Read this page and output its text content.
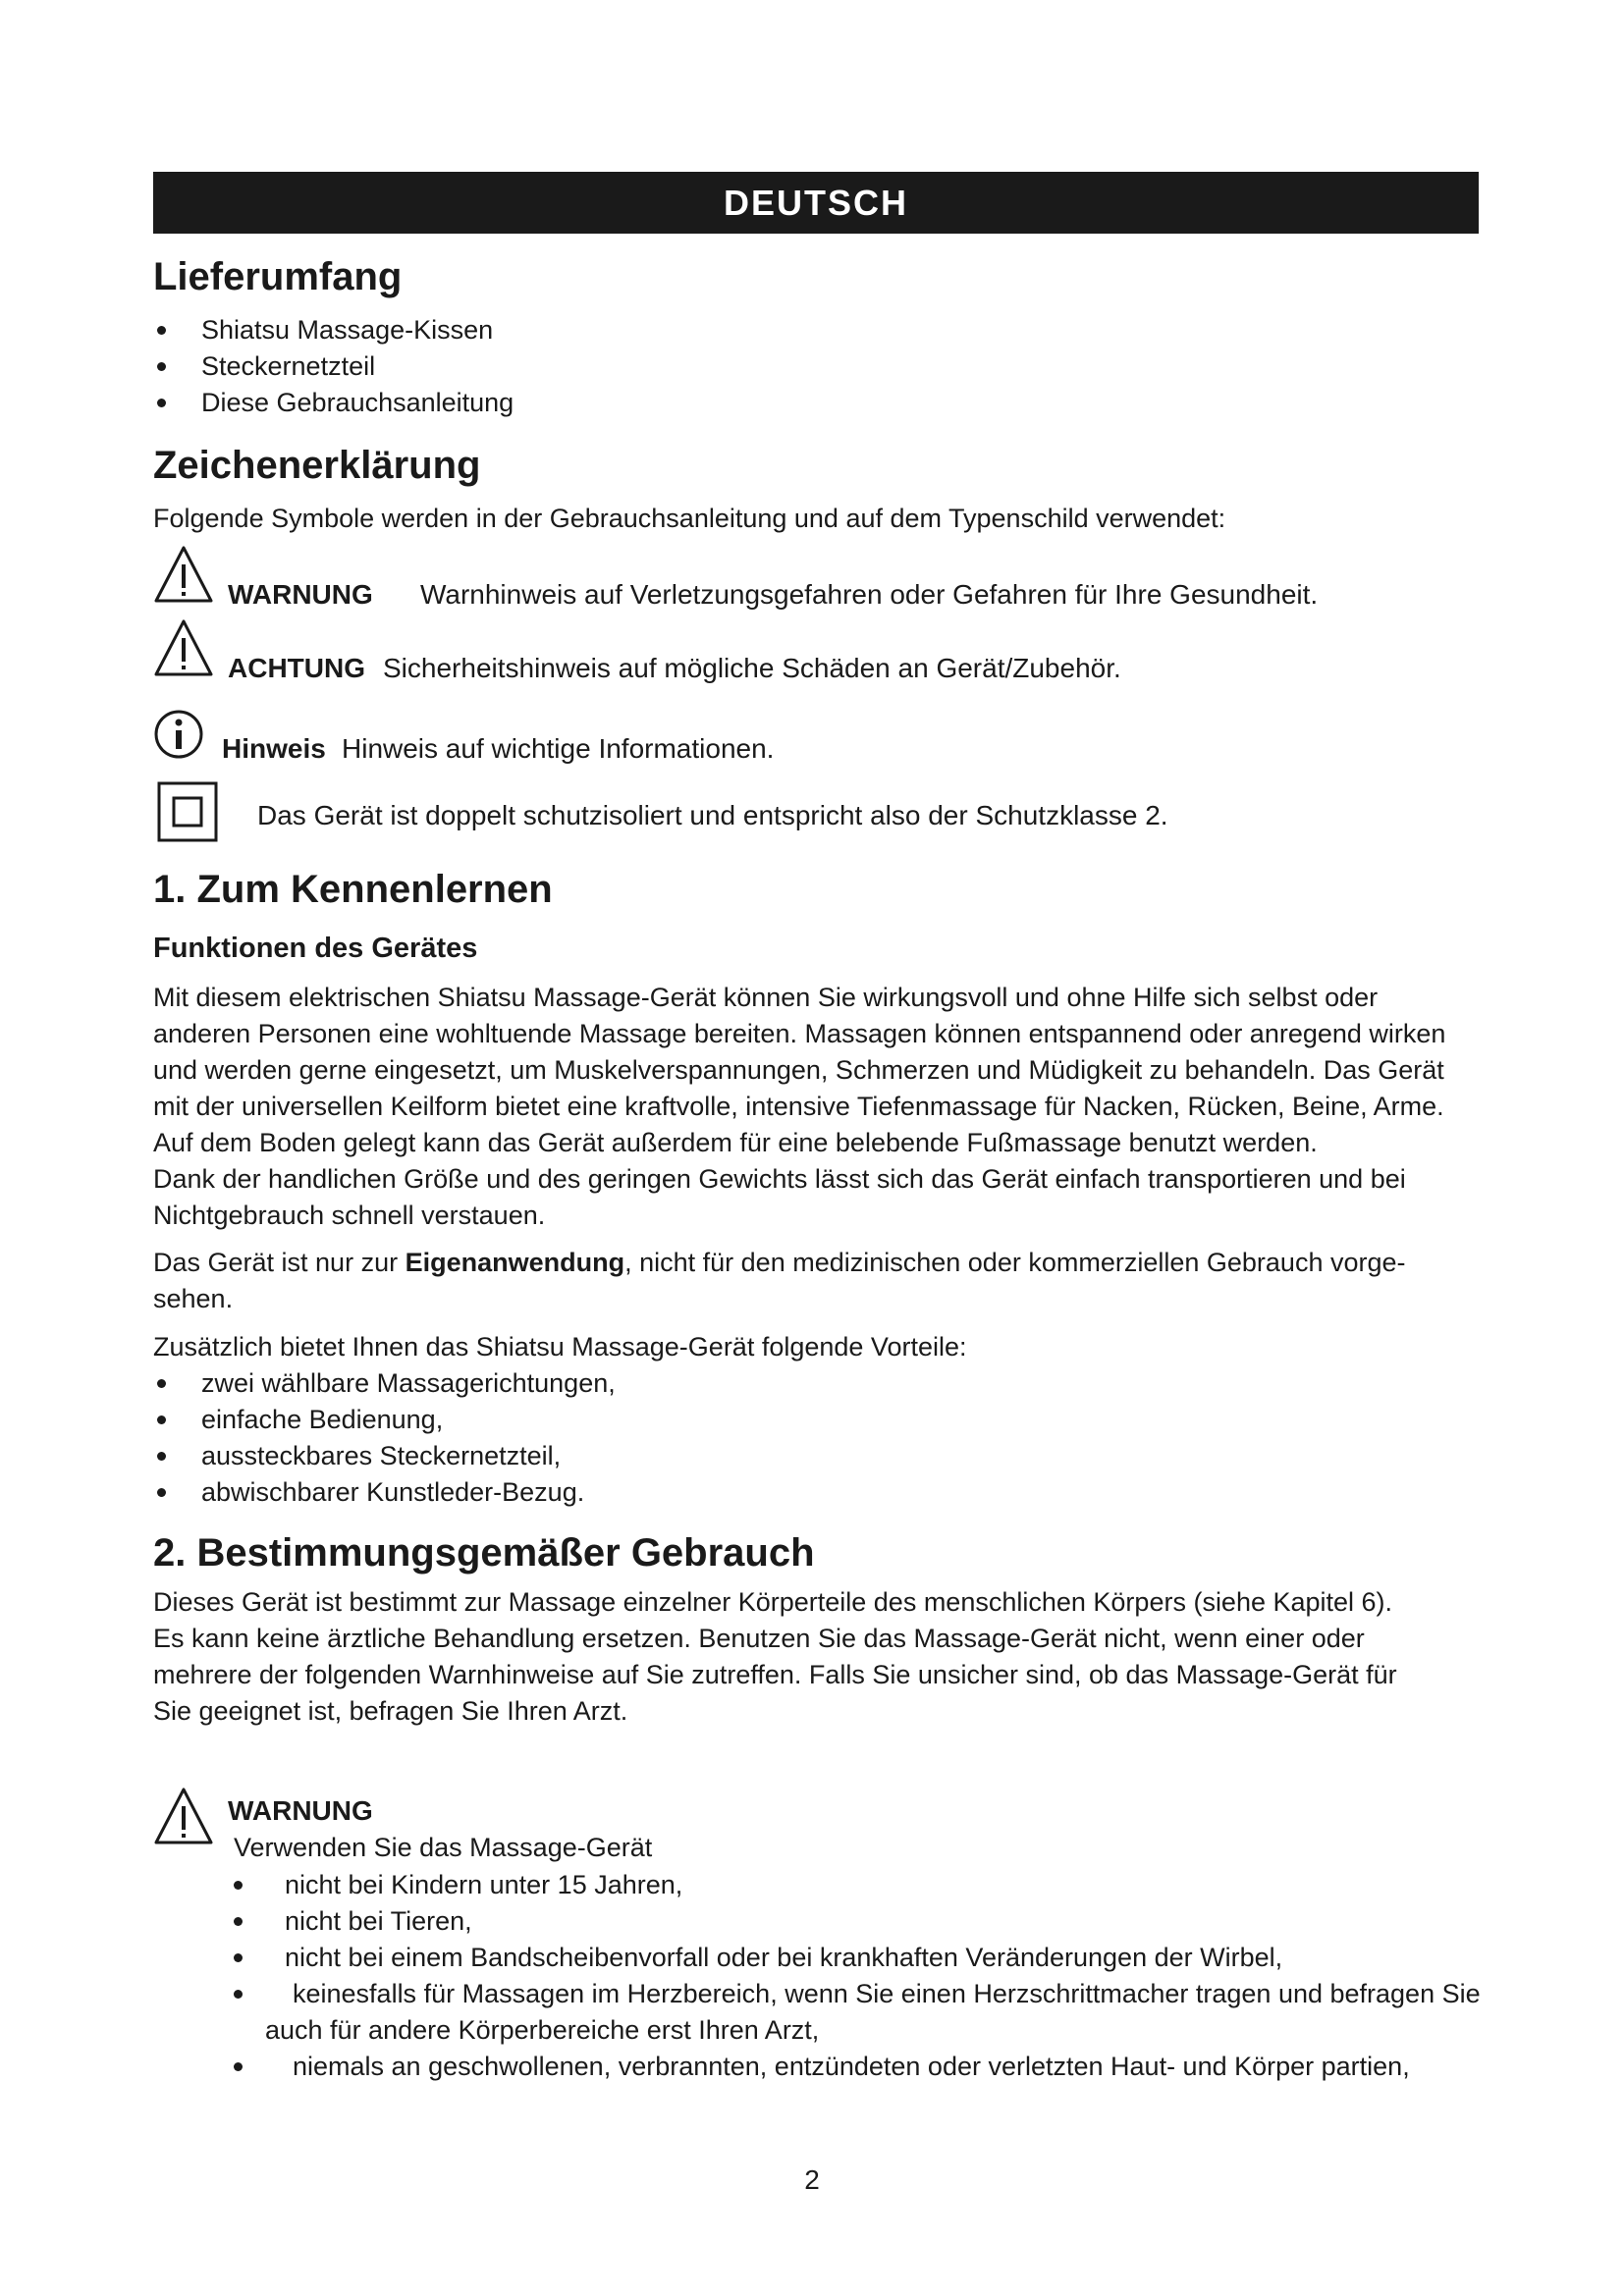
DEUTSCH
Lieferumfang
Shiatsu Massage-Kissen
Steckernetzteil
Diese Gebrauchsanleitung
Zeichenerklärung

Folgende Symbole werden in der Gebrauchsanleitung und auf dem Typenschild verwendet:

WARNUNG Warnhinweis auf Verletzungsgefahren oder Gefahren für Ihre Gesundheit.
ACHTUNG Sicherheitshinweis auf mögliche Schäden an Gerät/Zubehör.
Hinweis Hinweis auf wichtige Informationen.
Das Gerät ist doppelt schutzisoliert und entspricht also der Schutzklasse 2.
1. Zum Kennenlernen
Funktionen des Gerätes

Mit diesem elektrischen Shiatsu Massage-Gerät können Sie wirkungsvoll und ohne Hilfe sich selbst oder

anderen Personen eine wohltuende Massage bereiten. Massagen können entspannend oder anregend wirken

und werden gerne eingesetzt, um Muskelverspannungen, Schmerzen und Müdigkeit zu behandeln. Das Gerät

mit der universellen Keilform bietet eine kraftvolle, intensive Tiefenmassage für Nacken, Rücken, Beine, Arme.

Auf dem Boden gelegt kann das Gerät außerdem für eine belebende Fußmassage benutzt werden.

Dank der handlichen Größe und des geringen Gewichts lässt sich das Gerät einfach transportieren und bei

Nichtgebrauch schnell verstauen.

Das Gerät ist nur zur Eigenanwendung, nicht für den medizinischen oder kommerziellen Gebrauch vorge-

sehen.

Zusätzlich bietet Ihnen das Shiatsu Massage-Gerät folgende Vorteile:

zwei wählbare Massagerichtungen,
einfache Bedienung,
aussteckbares Steckernetzteil,
abwischbarer Kunstleder-Bezug.
2. Bestimmungsgemäßer Gebrauch

Dieses Gerät ist bestimmt zur Massage einzelner Körperteile des menschlichen Körpers (siehe Kapitel 6).

Es kann keine ärztliche Behandlung ersetzen. Benutzen Sie das Massage-Gerät nicht, wenn einer oder

mehrere der folgenden Warnhinweise auf Sie zutreffen. Falls Sie unsicher sind, ob das Massage-Gerät für

Sie geeignet ist, befragen Sie Ihren Arzt.

WARNUNG

Verwenden Sie das Massage-Gerät

nicht bei Kindern unter 15 Jahren,
nicht bei Tieren,
nicht bei einem Bandscheibenvorfall oder bei krankhaften Veränderungen der Wirbel,
keinesfalls für Massagen im Herzbereich, wenn Sie einen Herzschrittmacher tragen und befragen Sie auch für andere Körperbereiche erst Ihren Arzt,
niemals an geschwollenen, verbrannten, entzündeten oder verletzten Haut- und Körper partien,
2
